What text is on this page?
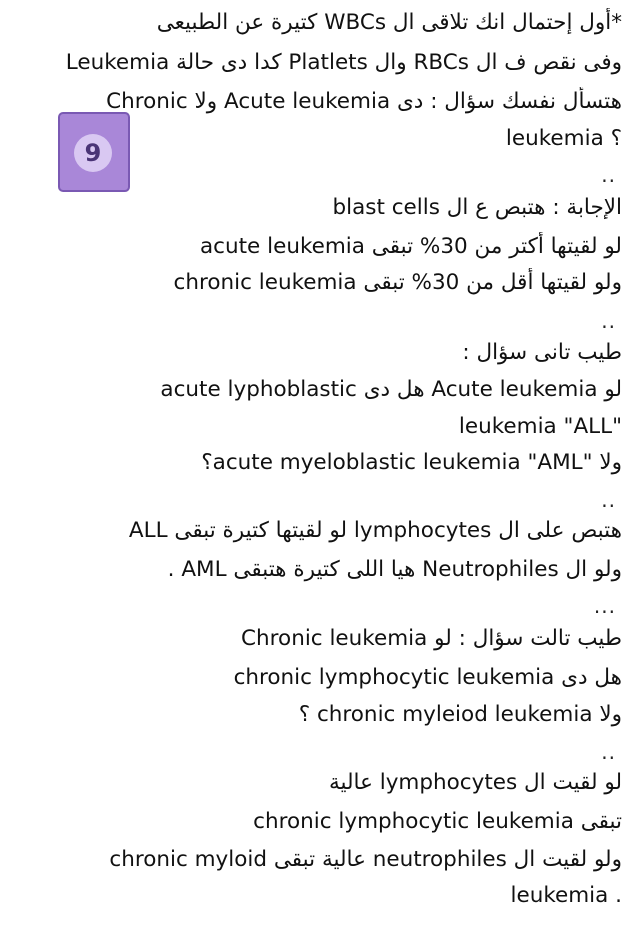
9
*أول إحتمال انك تلاقى ال WBCs كتيرة عن الطبيعى
وفى نقص ف ال RBCs وال Platlets كدا دى حالة Leukemia
هتسأل نفسك سؤال : دى Acute leukemia ولا Chronic
leukemia ؟
..
الإجابة : هتبص ع ال blast cells
لو لقيتها أكتر من 30% تبقى acute leukemia
ولو لقيتها أقل من 30% تبقى chronic leukemia
..
طيب تانى سؤال :
لو Acute leukemia هل دى acute lyphoblastic
leukemia "ALL"
ولا "acute myeloblastic leukemia "AML؟
..
هتبص على ال lymphocytes لو لقيتها كتيرة تبقى ALL
ولو ال Neutrophiles هيا اللى كتيرة هتبقى AML .
...
طيب تالت سؤال : لو Chronic leukemia
هل دى chronic lymphocytic leukemia
ولا chronic myleiod leukemia ؟
..
لو لقيت ال lymphocytes عالية
تبقى chronic lymphocytic leukemia
ولو لقيت ال neutrophiles عالية تبقى chronic myloid
leukemia .
